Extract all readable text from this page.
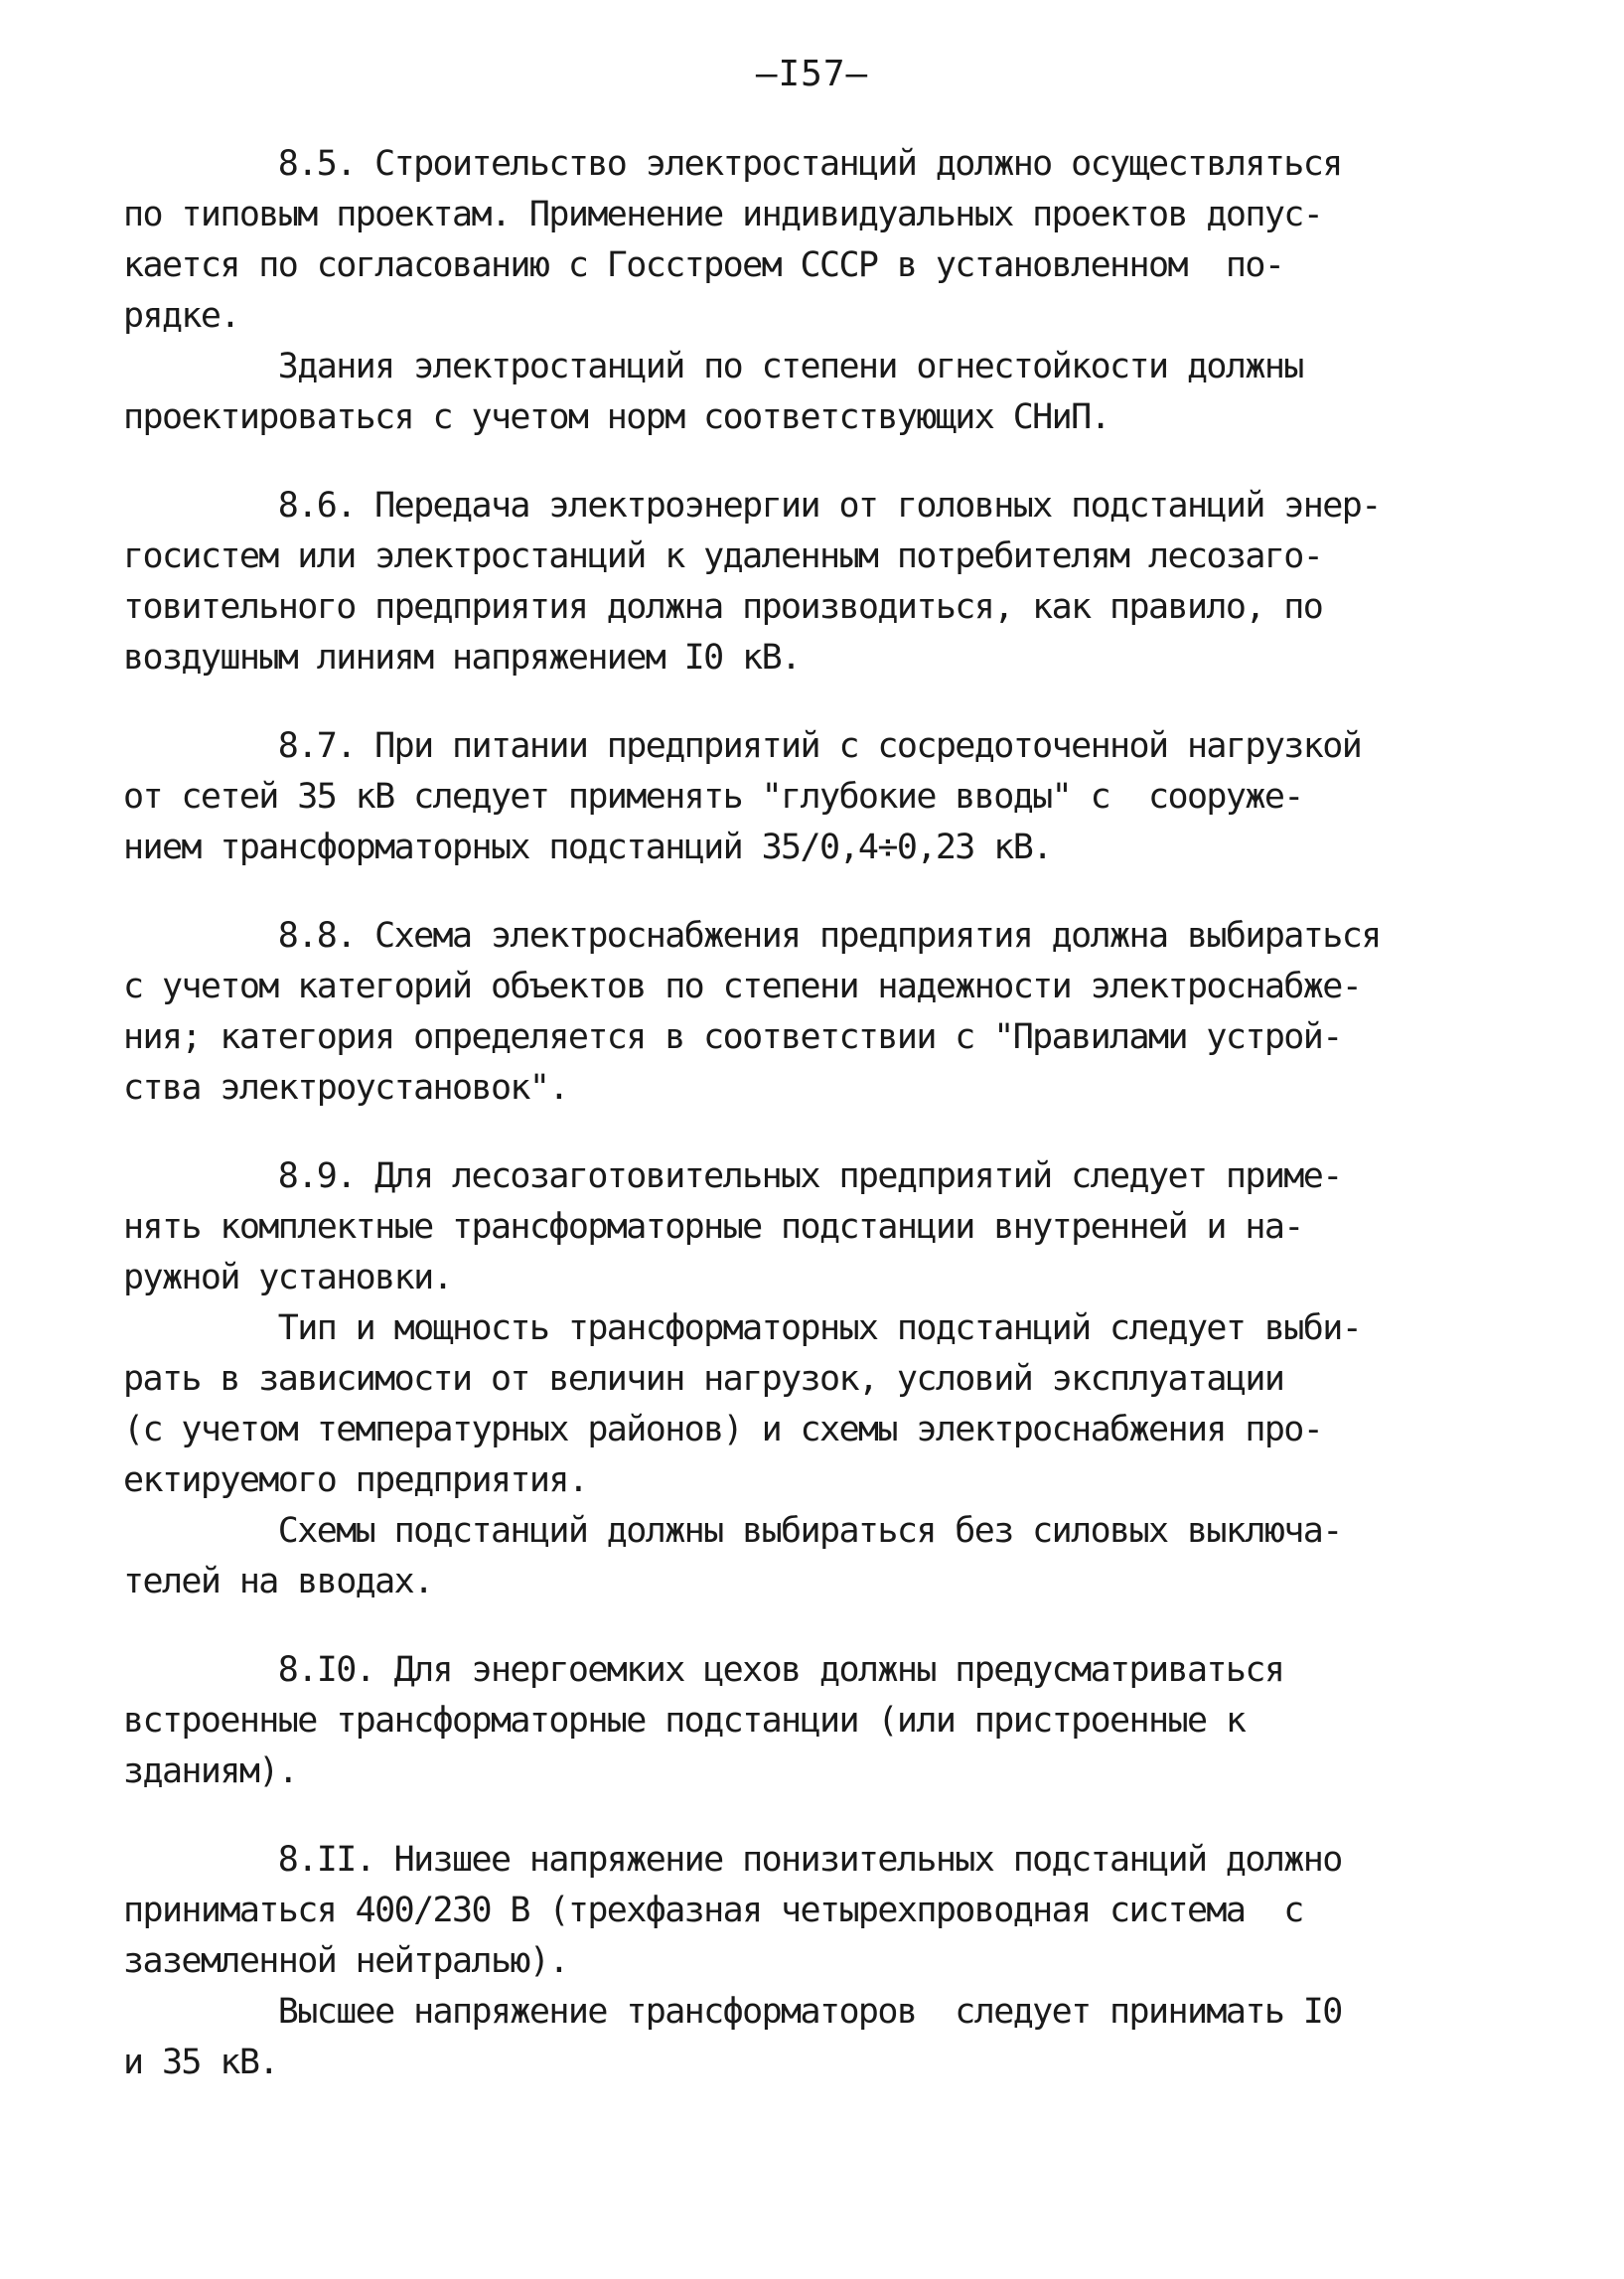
—I57—
8.5. Строительство электростанций должно осуществляться
по типовым проектам. Применение индивидуальных проектов допус-
кается по согласованию с Госстроем СССР в установленном  по-
рядке.
Здания электростанций по степени огнестойкости должны
проектироваться с учетом норм соответствующих СНиП.
8.6. Передача электроэнергии от головных подстанций энер-
госистем или электростанций к удаленным потребителям лесозаго-
товительного предприятия должна производиться, как правило, по
воздушным линиям напряжением I0 кВ.
8.7. При питании предприятий с сосредоточенной нагрузкой
от сетей 35 кВ следует применять "глубокие вводы" с  сооруже-
нием трансформаторных подстанций 35/0,4÷0,23 кВ.
8.8. Схема электроснабжения предприятия должна выбираться
с учетом категорий объектов по степени надежности электроснабже-
ния; категория определяется в соответствии с "Правилами устрой-
ства электроустановок".
8.9. Для лесозаготовительных предприятий следует приме-
нять комплектные трансформаторные подстанции внутренней и на-
ружной установки.
Тип и мощность трансформаторных подстанций следует выби-
рать в зависимости от величин нагрузок, условий эксплуатации
(с учетом температурных районов) и схемы электроснабжения про-
ектируемого предприятия.
Схемы подстанций должны выбираться без силовых выключа-
телей на вводах.
8.I0. Для энергоемких цехов должны предусматриваться
встроенные трансформаторные подстанции (или пристроенные к
зданиям).
8.II. Низшее напряжение понизительных подстанций должно
приниматься 400/230 В (трехфазная четырехпроводная система  с
заземленной нейтралью).
Высшее напряжение трансформаторов  следует принимать I0
и 35 кВ.
